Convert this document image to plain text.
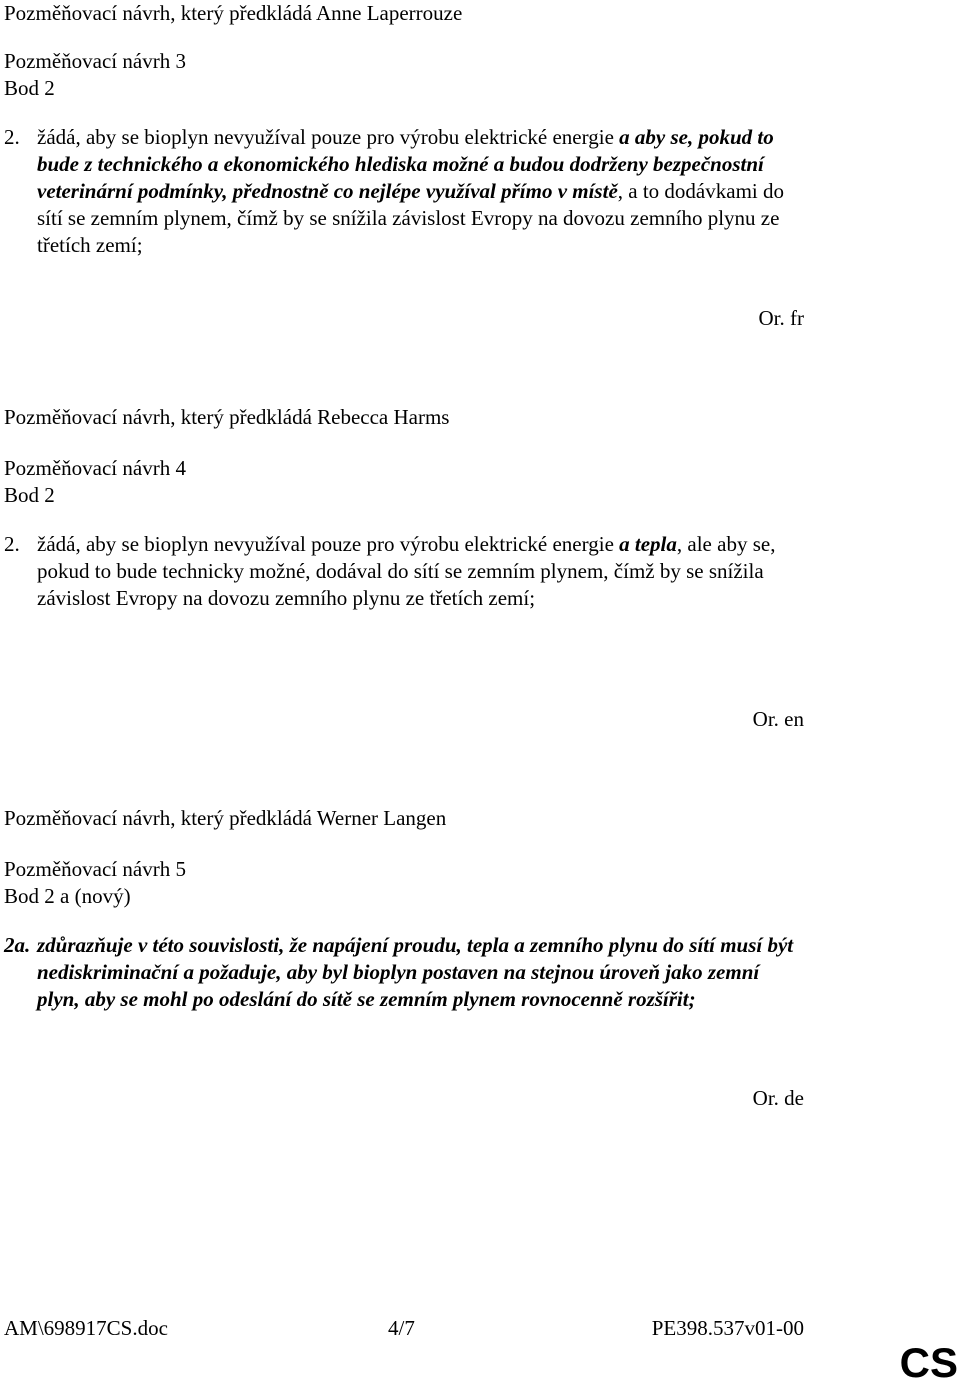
Pozměňovací návrh, který předkládá Anne Laperrouze
Pozměňovací návrh 3
Bod 2
2. žádá, aby se bioplyn nevyužíval pouze pro výrobu elektrické energie a aby se, pokud to bude z technického a ekonomického hlediska možné a budou dodrženy bezpečnostní veterinární podmínky, přednostně co nejlépe využíval přímo v místě, a to dodávkami do sítí se zemním plynem, čímž by se snížila závislost Evropy na dovozu zemního plynu ze třetích zemí;
Or. fr
Pozměňovací návrh, který předkládá Rebecca Harms
Pozměňovací návrh 4
Bod 2
2. žádá, aby se bioplyn nevyužíval pouze pro výrobu elektrické energie a tepla, ale aby se, pokud to bude technicky možné, dodával do sítí se zemním plynem, čímž by se snížila závislost Evropy na dovozu zemního plynu ze třetích zemí;
Or. en
Pozměňovací návrh, který předkládá Werner Langen
Pozměňovací návrh 5
Bod 2 a (nový)
2a. zdůrazňuje v této souvislosti, že napájení proudu, tepla a zemního plynu do sítí musí být nediskriminační a požaduje, aby byl bioplyn postaven na stejnou úroveň jako zemní plyn, aby se mohl po odeslání do sítě se zemním plynem rovnocenně rozšířit;
Or. de
AM\698917CS.doc	4/7	PE398.537v01-00
CS
